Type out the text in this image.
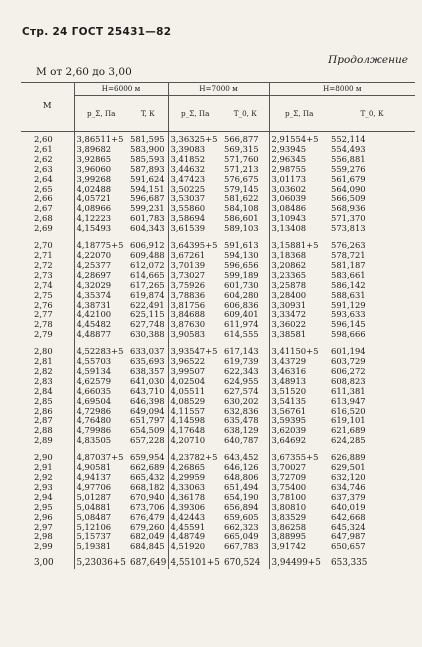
Стр. 24 ГОСТ 25431—82
Продолжение
М от 2,60 до 3,00
М	H=6000 м		H=7000 м		H=8000 м	
	p_Σ, Па	T, К	p_Σ, Па	T_0, К	p_Σ, Па	T_0, К

2,60	3,86511+5	581,595	3,36325+5	566,877	2,91554+5	552,114
2,61	3,89682	583,900	3,39083	569,315	2,93945	554,493
2,62	3,92865	585,593	3,41852	571,760	2,96345	556,881
2,63	3,96060	587,893	3,44632	571,213	2,98755	559,276
2,64	3,99268	591,624	3,47423	576,675	3,01173	561,679
2,65	4,02488	594,151	3,50225	579,145	3,03602	564,090
2,66	4,05721	596,687	3,53037	581,622	3,06039	566,509
2,67	4,08966	599,231	3,55860	584,108	3,08486	568,936
2,68	4,12223	601,783	3,58694	586,601	3,10943	571,370
2,69	4,15493	604,343	3,61539	589,103	3,13408	573,813

2,70	4,18775+5	606,912	3,64395+5	591,613	3,15881+5	576,263
2,71	4,22070	609,488	3,67261	594,130	3,18368	578,721
2,72	4,25377	612,072	3,70139	596,656	3,20862	581,187
2,73	4,28697	614,665	3,73027	599,189	3,23365	583,661
2,74	4,32029	617,265	3,75926	601,730	3,25878	586,142
2,75	4,35374	619,874	3,78836	604,280	3,28400	588,631
2,76	4,38731	622,491	3,81756	606,836	3,30931	591,129
2,77	4,42100	625,115	3,84688	609,401	3,33472	593,633
2,78	4,45482	627,748	3,87630	611,974	3,36022	596,145
2,79	4,48877	630,388	3,90583	614,555	3,38581	598,666

2,80	4,52283+5	633,037	3,93547+5	617,143	3,41150+5	601,194
2,81	4,55703	635,693	3,96522	619,739	3,43729	603,729
2,82	4,59134	638,357	3,99507	622,343	3,46316	606,272
2,83	4,62579	641,030	4,02504	624,955	3,48913	608,823
2,84	4,66035	643,710	4,05511	627,574	3,51520	611,381
2,85	4,69504	646,398	4,08529	630,202	3,54135	613,947
2,86	4,72986	649,094	4,11557	632,836	3,56761	616,520
2,87	4,76480	651,797	4,14598	635,478	3,59395	619,101
2,88	4,79986	654,509	4,17648	638,129	3,62039	621,689
2,89	4,83505	657,228	4,20710	640,787	3,64692	624,285

2,90	4,87037+5	659,954	4,23782+5	643,452	3,67355+5	626,889
2,91	4,90581	662,689	4,26865	646,126	3,70027	629,501
2,92	4,94137	665,432	4,29959	648,806	3,72709	632,120
2,93	4,97706	668,182	4,33063	651,494	3,75400	634,746
2,94	5,01287	670,940	4,36178	654,190	3,78100	637,379
2,95	5,04881	673,706	4,39306	656,894	3,80810	640,019
2,96	5,08487	676,479	4,42443	659,605	3,83529	642,668
2,97	5,12106	679,260	4,45591	662,323	3,86258	645,324
2,98	5,15737	682,049	4,48749	665,049	3,88995	647,987
2,99	5,19381	684,845	4,51920	667,783	3,91742	650,657

3,00	5,23036+5	687,649	4,55101+5	670,524	3,94499+5	653,335
